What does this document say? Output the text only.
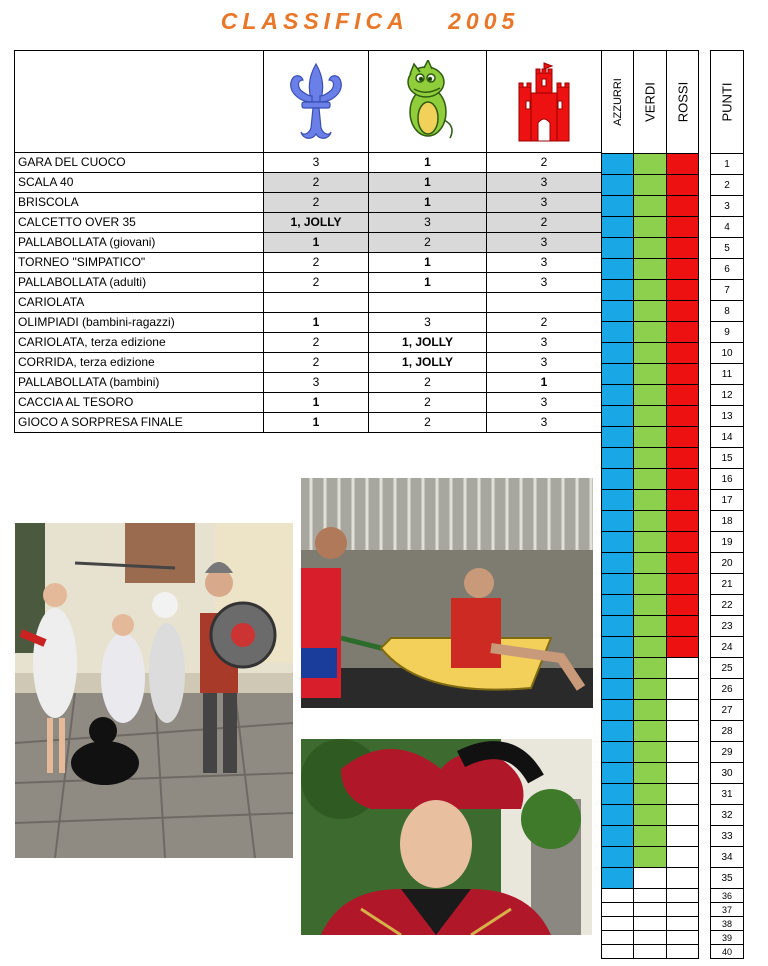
CLASSIFICA 2005

GARA DEL CUOCO	3	1	2
SCALA 40	2	1	3
BRISCOLA	2	1	3
CALCETTO OVER 35	1, JOLLY	3	2
PALLABOLLATA (giovani)	1	2	3
TORNEO "SIMPATICO"	2	1	3
PALLABOLLATA (adulti)	2	1	3
CARIOLATA			
OLIMPIADI (bambini-ragazzi)	1	3	2
CARIOLATA, terza edizione	2	1, JOLLY	3
CORRIDA, terza edizione	2	1, JOLLY	3
PALLABOLLATA (bambini)	3	2	1
CACCIA AL TESORO	1	2	3
GIOCO A SORPRESA FINALE	1	2	3
AZZURRI VERDI ROSSI PUNTI
1
2
3
4
5
6
7
8
9
10
11
12
13
14
15
16
17
18
19
20
21
22
23
24
25
26
27
28
29
30
31
32
33
34
35
36
37
38
39
40
